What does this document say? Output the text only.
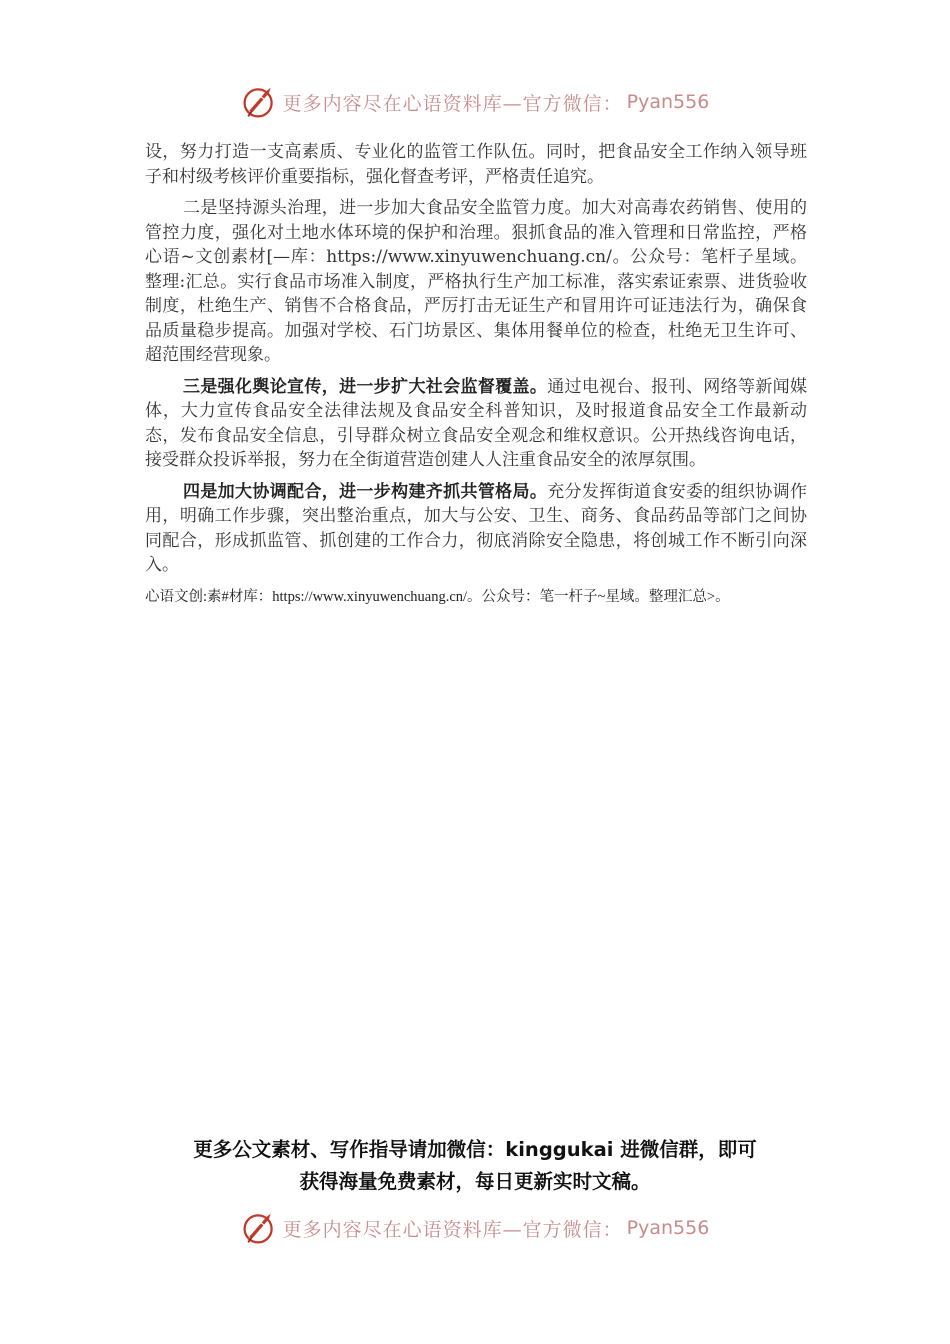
更多内容尽在心语资料库—官方微信： Pyan556

设，努力打造一支高素质、专业化的监管工作队伍。同时，把食品安全工作纳入领导班子和村级考核评价重要指标，强化督查考评，严格责任追究。

二是坚持源头治理，进一步加大食品安全监管力度。加大对高毒农药销售、使用的管控力度，强化对土地水体环境的保护和治理。狠抓食品的准入管理和日常监控，严格心语~文创素材[—库：https://www.xinyuwenchuang.cn/。公众号：笔杆子星域。整理:汇总。实行食品市场准入制度，严格执行生产加工标准，落实索证索票、进货验收制度，杜绝生产、销售不合格食品，严厉打击无证生产和冒用许可证违法行为，确保食品质量稳步提高。加强对学校、石门坊景区、集体用餐单位的检查，杜绝无卫生许可、超范围经营现象。

三是强化舆论宣传，进一步扩大社会监督覆盖。通过电视台、报刊、网络等新闻媒体，大力宣传食品安全法律法规及食品安全科普知识，及时报道食品安全工作最新动态，发布食品安全信息，引导群众树立食品安全观念和维权意识。公开热线咨询电话，接受群众投诉举报，努力在全街道营造创建人人注重食品安全的浓厚氛围。

四是加大协调配合，进一步构建齐抓共管格局。充分发挥街道食安委的组织协调作用，明确工作步骤，突出整治重点，加大与公安、卫生、商务、食品药品等部门之间协同配合，形成抓监管、抓创建的工作合力，彻底消除安全隐患，将创城工作不断引向深入。

心语文创:素#材库：https://www.xinyuwenchuang.cn/。公众号：笔一杆子~星域。整理汇总>。
更多公文素材、写作指导请加微信：kinggukai 进微信群，即可
获得海量免费素材，每日更新实时文稿。
更多内容尽在心语资料库—官方微信： Pyan556
